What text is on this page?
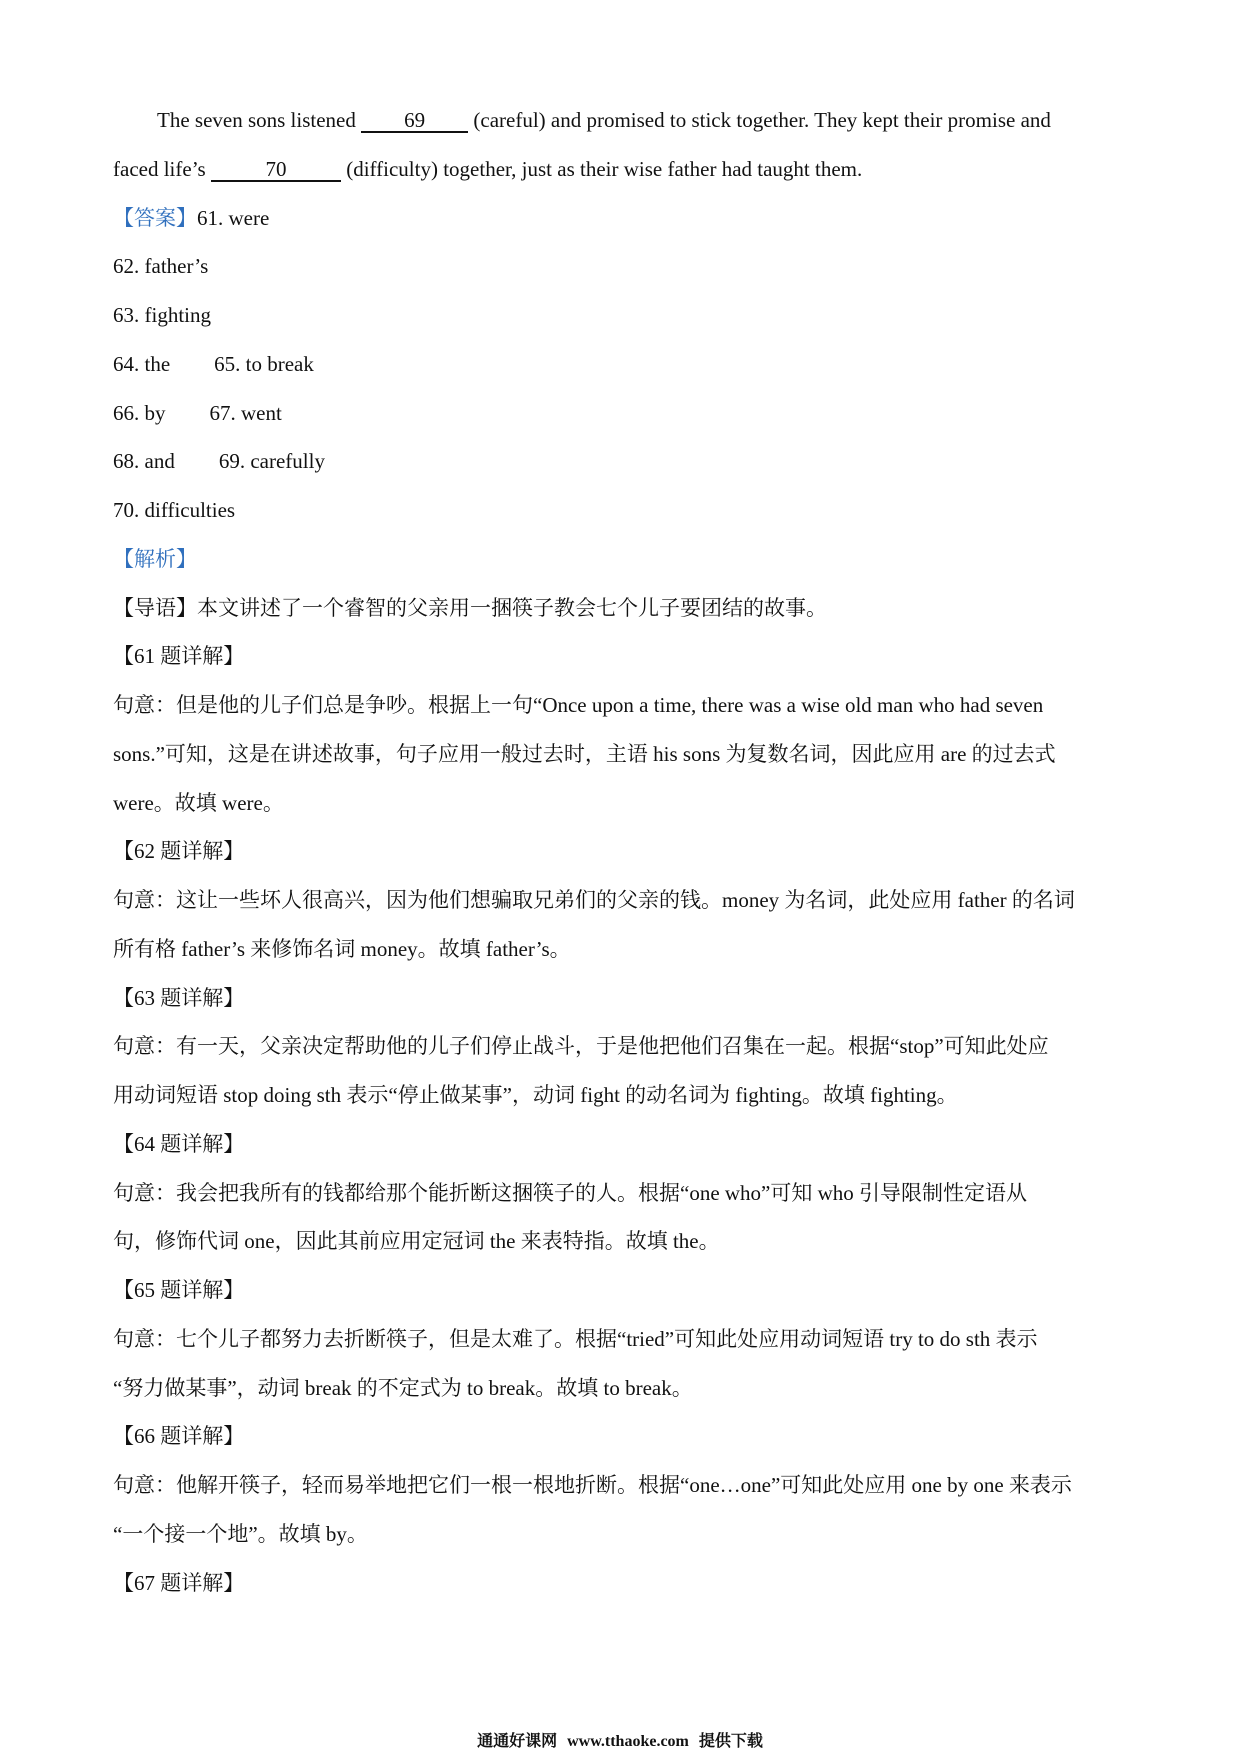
The seven sons listened 69 (careful) and promised to stick together. They kept their promise and
faced life’s	70	(difficulty) together, just as their wise father had taught them.
【答案】61. were
62. father’s
63. fighting
64. the 65. to break
66. by 67. went
68. and 69. carefully
70. difficulties
【解析】
【导语】本文讲述了一个睿智的父亲用一捆筷子教会七个儿子要团结的故事。
【61 题详解】
句意：但是他的儿子们总是争吵。根据上一句“Once upon a time, there was a wise old man who had seven
sons.”可知，这是在讲述故事，句子应用一般过去时，主语 his sons 为复数名词，因此应用 are 的过去式
were。故填 were。
【62 题详解】
句意：这让一些坏人很高兴，因为他们想骗取兄弟们的父亲的钱。money 为名词，此处应用 father 的名词
所有格 father’s 来修饰名词 money。故填 father’s。
【63 题详解】
句意：有一天，父亲决定帮助他的儿子们停止战斗，于是他把他们召集在一起。根据“stop”可知此处应
用动词短语 stop doing sth 表示“停止做某事”，动词 fight 的动名词为 fighting。故填 fighting。
【64 题详解】
句意：我会把我所有的钱都给那个能折断这捆筷子的人。根据“one who”可知 who 引导限制性定语从
句，修饰代词 one，因此其前应用定冠词 the 来表特指。故填 the。
【65 题详解】
句意：七个儿子都努力去折断筷子，但是太难了。根据“tried”可知此处应用动词短语 try to do sth 表示
“努力做某事”，动词 break 的不定式为 to break。故填 to break。
【66 题详解】
句意：他解开筷子，轻而易举地把它们一根一根地折断。根据“one…one”可知此处应用 one by one 来表示
“一个接一个地”。故填 by。
【67 题详解】
通通好课网 www.tthaoke.com 提供下载
